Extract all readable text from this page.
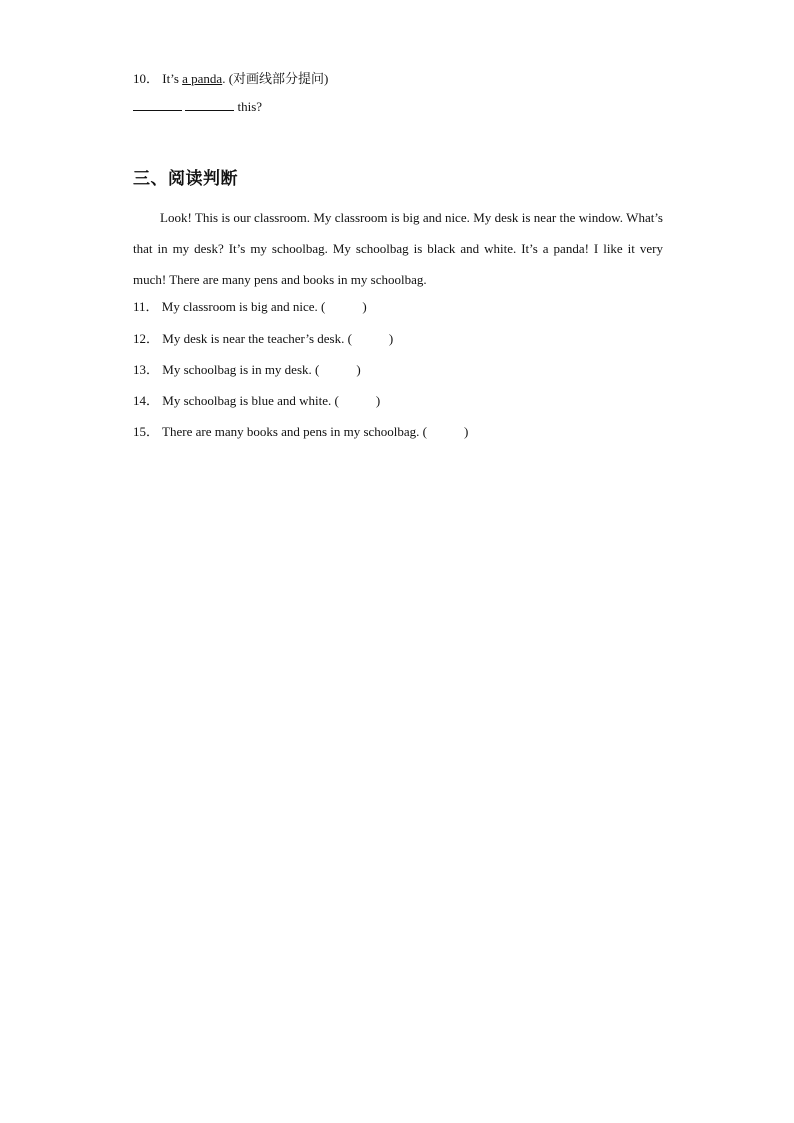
10． It’s a panda. (对画线部分提问)
this?
三、阅读判断
Look! This is our classroom. My classroom is big and nice. My desk is near the window. What’s that in my desk? It’s my schoolbag. My schoolbag is black and white. It’s a panda! I like it very much! There are many pens and books in my schoolbag.
11． My classroom is big and nice. (	)
12． My desk is near the teacher’s desk. (	)
13． My schoolbag is in my desk. (	)
14． My schoolbag is blue and white. (	)
15． There are many books and pens in my schoolbag. (	)
